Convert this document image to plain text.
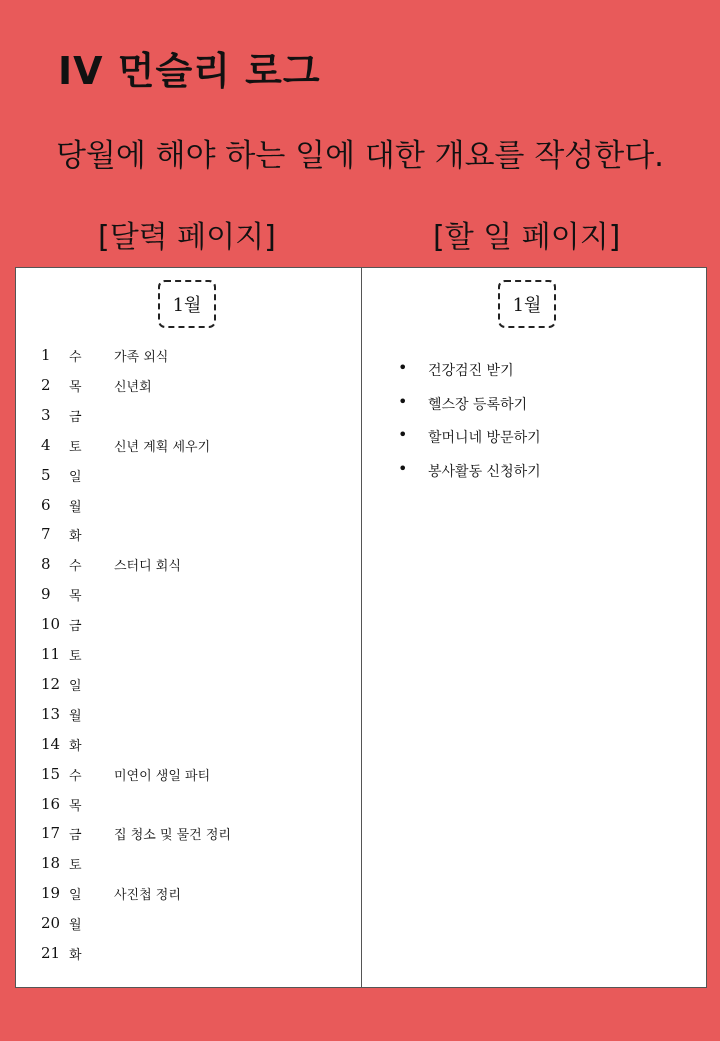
IV 먼슬리 로그
당월에 해야 하는 일에 대한 개요를 작성한다.
[달력 페이지]	[할 일 페이지]
1월
1 수 가족 외식
2 목 신년회
3 금
4 토 신년 계획 세우기
5 일
6 월
7 화
8 수 스터디 회식
9 목
10 금
11 토
12 일
13 월
14 화
15 수 미연이 생일 파티
16 목
17 금 집 청소 및 물건 정리
18 토
19 일 사진첩 정리
20 월
21 화
1월
• 건강검진 받기
• 헬스장 등록하기
• 할머니네 방문하기
• 봉사활동 신청하기
